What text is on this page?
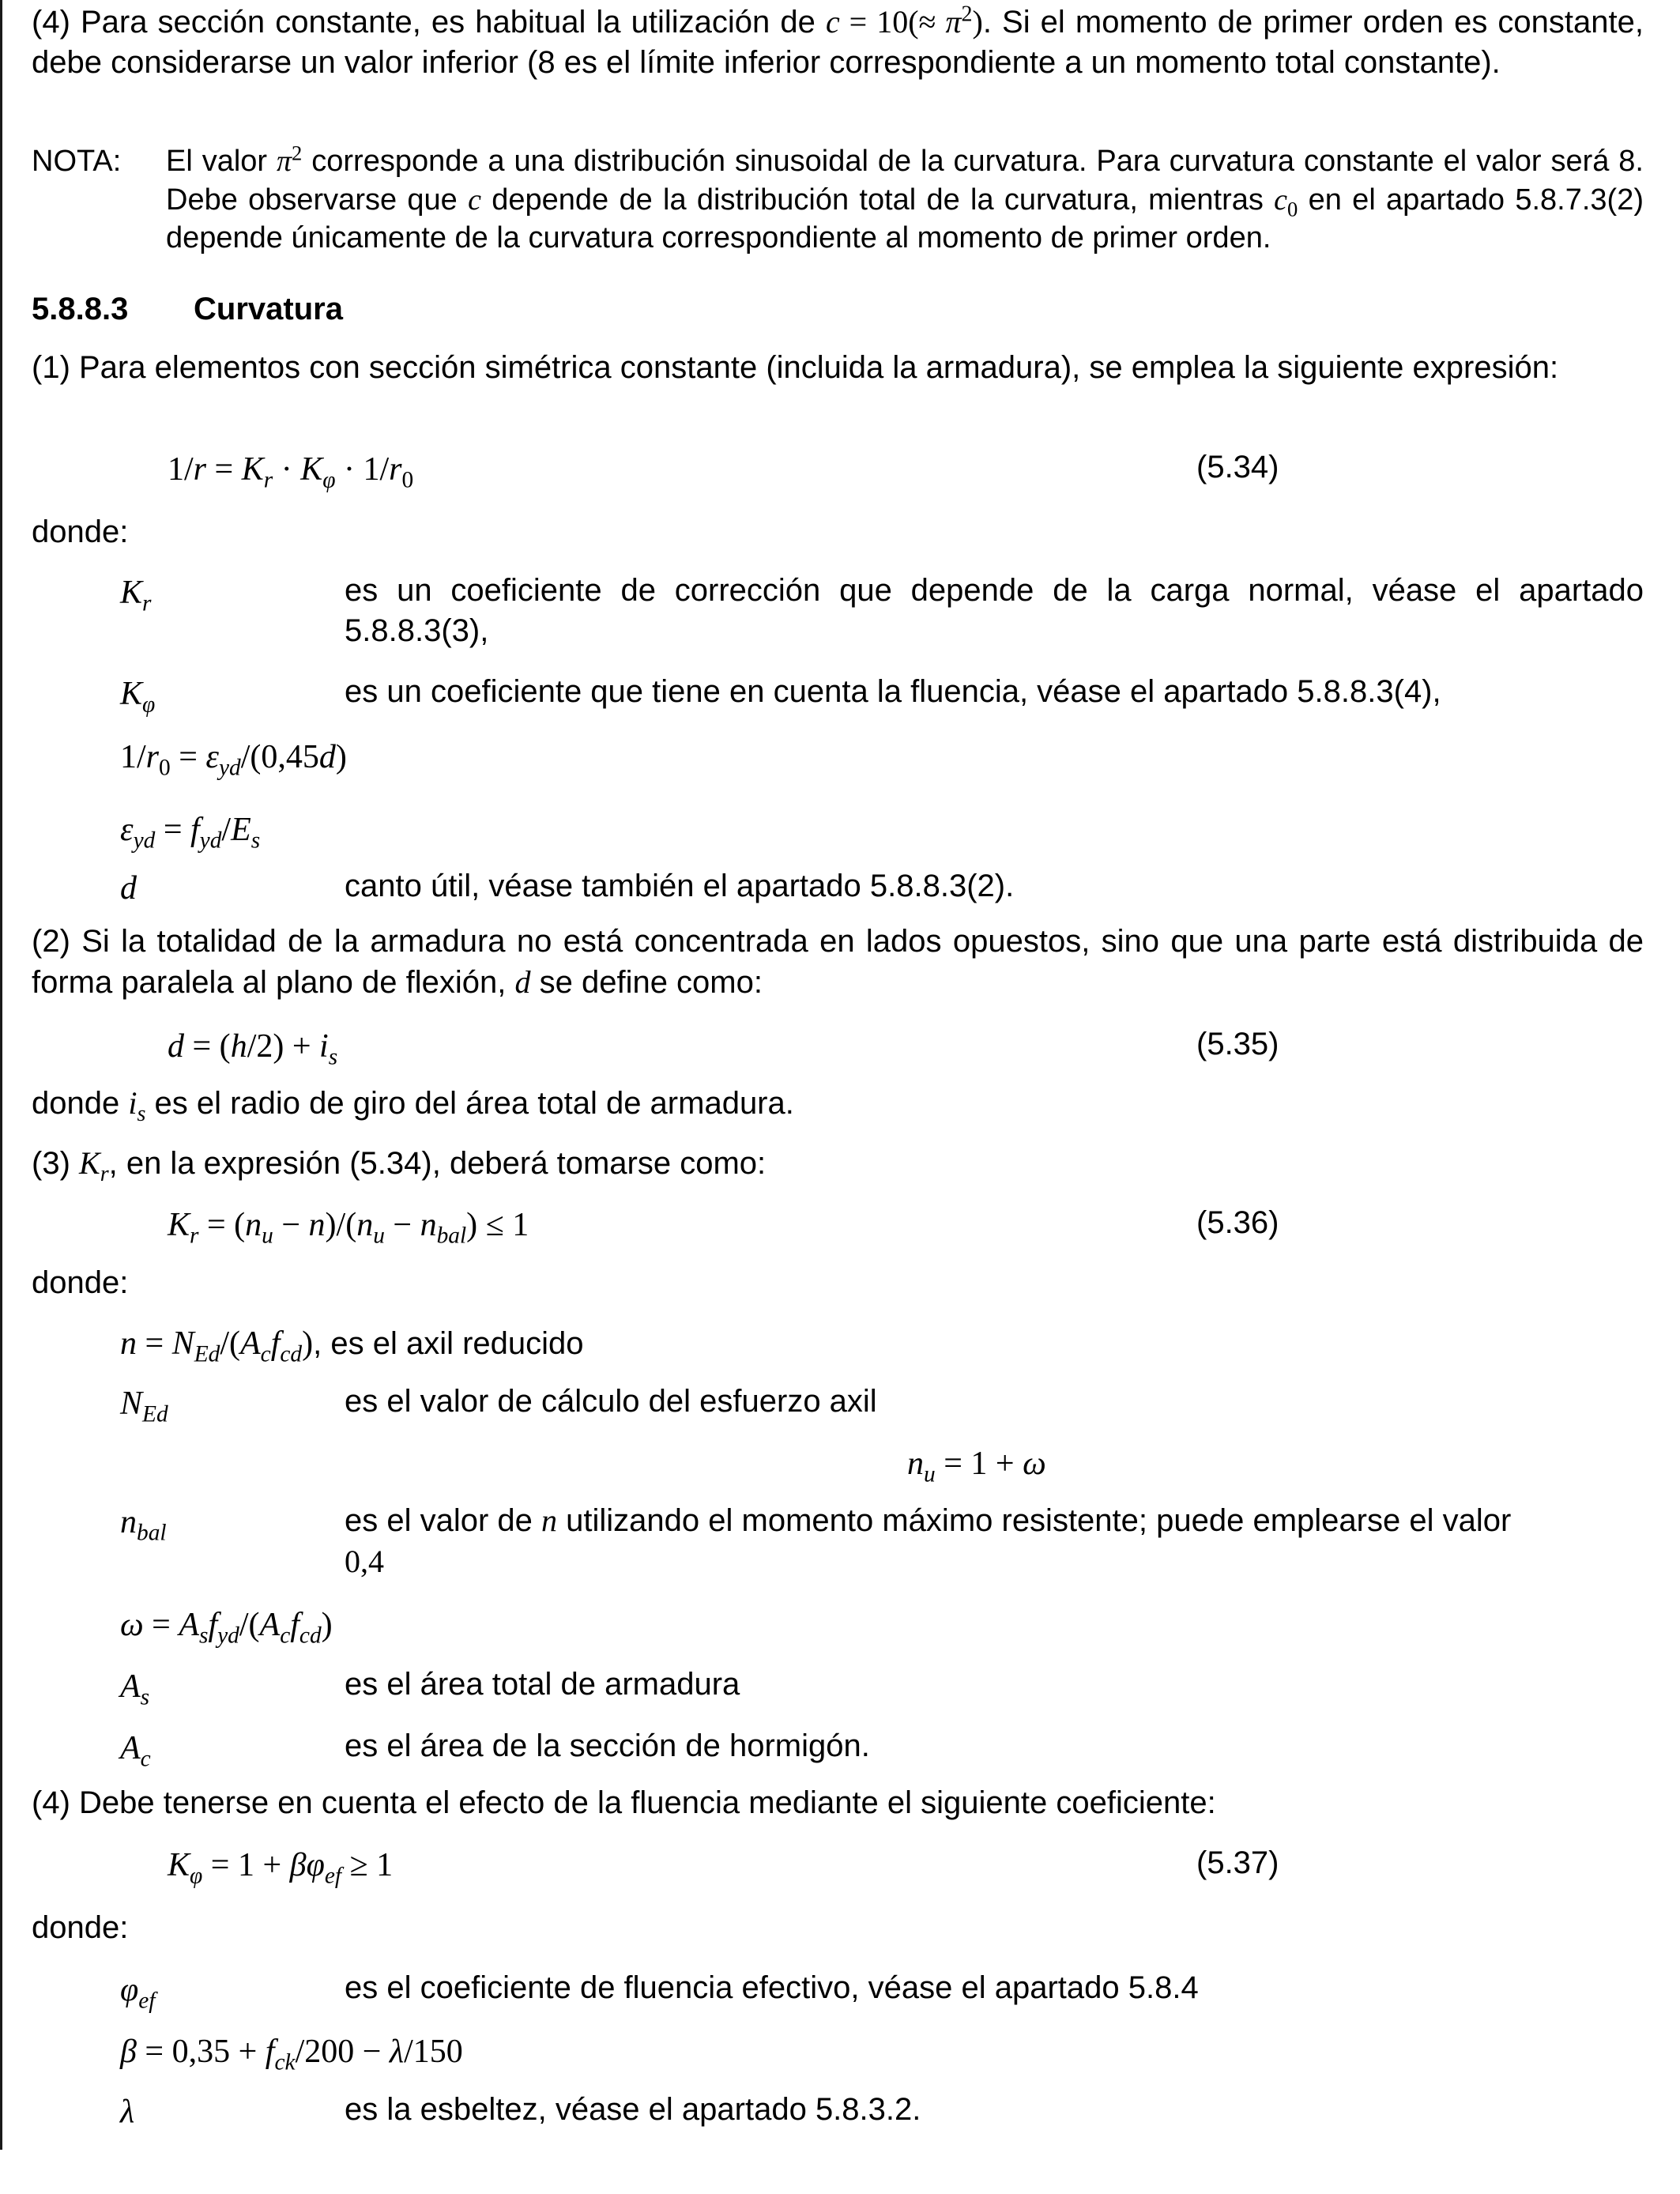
(4) Para sección constante, es habitual la utilización de $c = 10(\approx \pi^2)$. Si el momento de primer orden es constante, debe considerarse un valor inferior (8 es el límite inferior correspondiente a un momento total constante).
NOTA: El valor $\pi^2$ corresponde a una distribución sinusoidal de la curvatura. Para curvatura constante el valor será 8. Debe observarse que c depende de la distribución total de la curvatura, mientras $c_0$ en el apartado 5.8.7.3(2) depende únicamente de la curvatura correspondiente al momento de primer orden.
5.8.8.3 Curvatura
(1) Para elementos con sección simétrica constante (incluida la armadura), se emplea la siguiente expresión:
$1/r = K_r \cdot K_\varphi \cdot 1/r_0$	(5.34)
donde:
$K_r$	es un coeficiente de corrección que depende de la carga normal, véase el apartado 5.8.8.3(3),
$K_\varphi$	es un coeficiente que tiene en cuenta la fluencia, véase el apartado 5.8.8.3(4),
$1/r_0 = \varepsilon_{yd}/(0,45d)$
$\varepsilon_{yd} = f_{yd}/E_s$
d	canto útil, véase también el apartado 5.8.8.3(2).
(2) Si la totalidad de la armadura no está concentrada en lados opuestos, sino que una parte está distribuida de forma paralela al plano de flexión, d se define como:
$d = (h/2) + i_s$	(5.35)
donde $i_s$ es el radio de giro del área total de armadura.
(3) $K_r$, en la expresión (5.34), deberá tomarse como:
$K_r = (n_u - n)/(n_u - n_{bal}) \le 1$	(5.36)
donde:
$n = N_{Ed}/(A_cf_{cd})$, es el axil reducido
$N_{Ed}$	es el valor de cálculo del esfuerzo axil
$n_u = 1 + \omega$
$n_{bal}$	es el valor de n utilizando el momento máximo resistente; puede emplearse el valor
0,4
$\omega = A_sf_{yd}/(A_cf_{cd})$
$A_s$	es el área total de armadura
$A_c$	es el área de la sección de hormigón.
(4) Debe tenerse en cuenta el efecto de la fluencia mediante el siguiente coeficiente:
$K_\varphi = 1 + \beta\varphi_{ef} \ge 1$	(5.37)
donde:
$\varphi_{ef}$	es el coeficiente de fluencia efectivo, véase el apartado 5.8.4
$\beta = 0,35 + f_{ck}/200 - \lambda/150$
λ	es la esbeltez, véase el apartado 5.8.3.2.
